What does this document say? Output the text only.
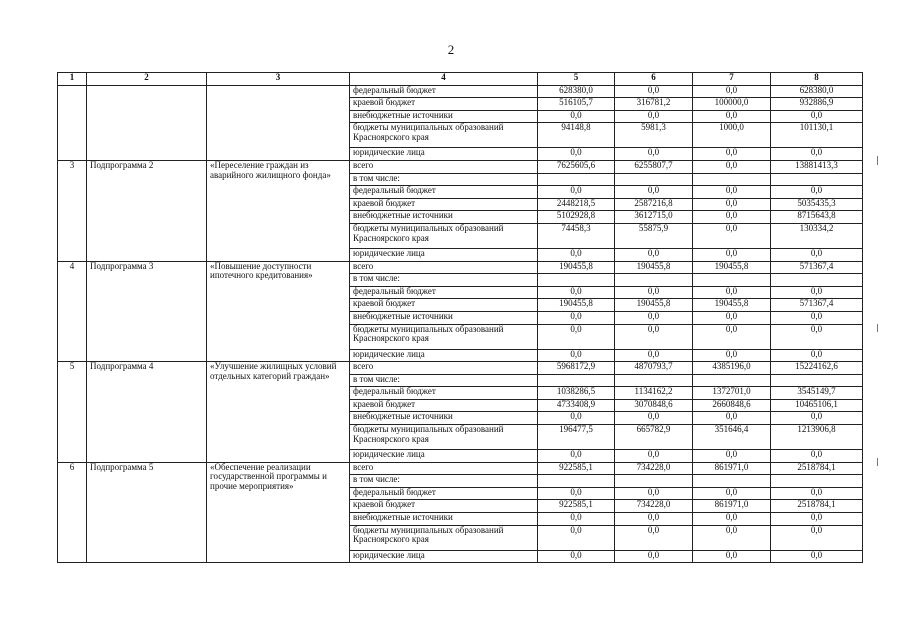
2
1	2	3	4	5	6	7	8
			федеральный бюджет	628380,0	0,0	0,0	628380,0
			краевой бюджет	516105,7	316781,2	100000,0	932886,9
			внебюджетные источники	0,0	0,0	0,0	0,0
			бюджеты муниципальных образований Красноярского края	94148,8	5981,3	1000,0	101130,1
			юридические лица	0,0	0,0	0,0	0,0
3	Подпрограмма 2	«Переселение граждан из аварийного жилищного фонда»	всего	7625605,6	6255807,7	0,0	13881413,3
			в том числе:				
			федеральный бюджет	0,0	0,0	0,0	0,0
			краевой бюджет	2448218,5	2587216,8	0,0	5035435,3
			внебюджетные источники	5102928,8	3612715,0	0,0	8715643,8
			бюджеты муниципальных образований Красноярского края	74458,3	55875,9	0,0	130334,2
			юридические лица	0,0	0,0	0,0	0,0
4	Подпрограмма 3	«Повышение доступности ипотечного кредитования»	всего	190455,8	190455,8	190455,8	571367,4
			в том числе:				
			федеральный бюджет	0,0	0,0	0,0	0,0
			краевой бюджет	190455,8	190455,8	190455,8	571367,4
			внебюджетные источники	0,0	0,0	0,0	0,0
			бюджеты муниципальных образований Красноярского края	0,0	0,0	0,0	0,0
			юридические лица	0,0	0,0	0,0	0,0
5	Подпрограмма 4	«Улучшение жилищных условий отдельных категорий граждан»	всего	5968172,9	4870793,7	4385196,0	15224162,6
			в том числе:				
			федеральный бюджет	1038286,5	1134162,2	1372701,0	3545149,7
			краевой бюджет	4733408,9	3070848,6	2660848,6	10465106,1
			внебюджетные источники	0,0	0,0	0,0	0,0
			бюджеты муниципальных образований Красноярского края	196477,5	665782,9	351646,4	1213906,8
			юридические лица	0,0	0,0	0,0	0,0
6	Подпрограмма 5	«Обеспечение реализации государственной программы и прочие мероприятия»	всего	922585,1	734228,0	861971,0	2518784,1
			в том числе:				
			федеральный бюджет	0,0	0,0	0,0	0,0
			краевой бюджет	922585,1	734228,0	861971,0	2518784,1
			внебюджетные источники	0,0	0,0	0,0	0,0
			бюджеты муниципальных образований Красноярского края	0,0	0,0	0,0	0,0
			юридические лица	0,0	0,0	0,0	0,0
